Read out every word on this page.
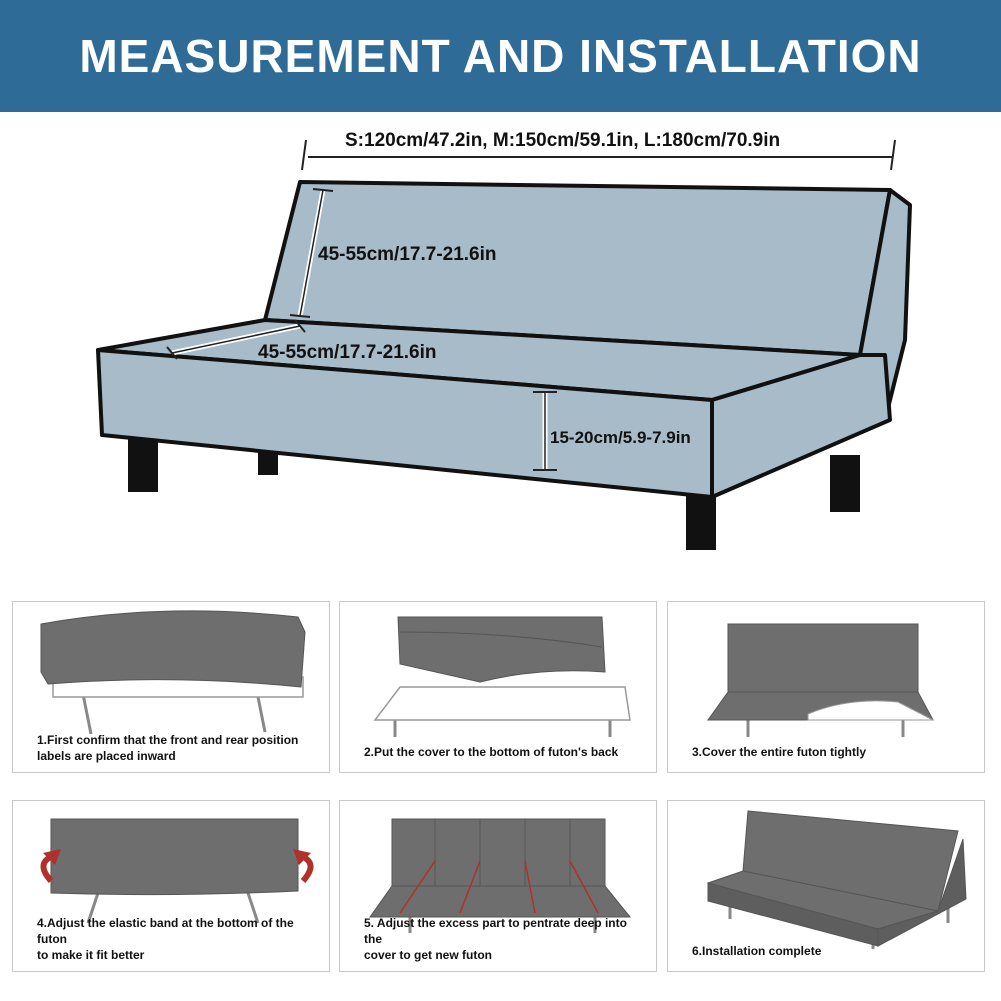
MEASUREMENT AND INSTALLATION
S:120cm/47.2in, M:150cm/59.1in, L:180cm/70.9in
45-55cm/17.7-21.6in
45-55cm/17.7-21.6in
15-20cm/5.9-7.9in
1.First confirm that the front and rear position
labels are placed inward	2.Put the cover to the bottom of futon's back	3.Cover the entire futon tightly
4.Adjust the elastic band at the bottom of the futon
to make it fit better
5. Adjust the excess part to pentrate deep into the
cover to get new futon	6.Installation complete
